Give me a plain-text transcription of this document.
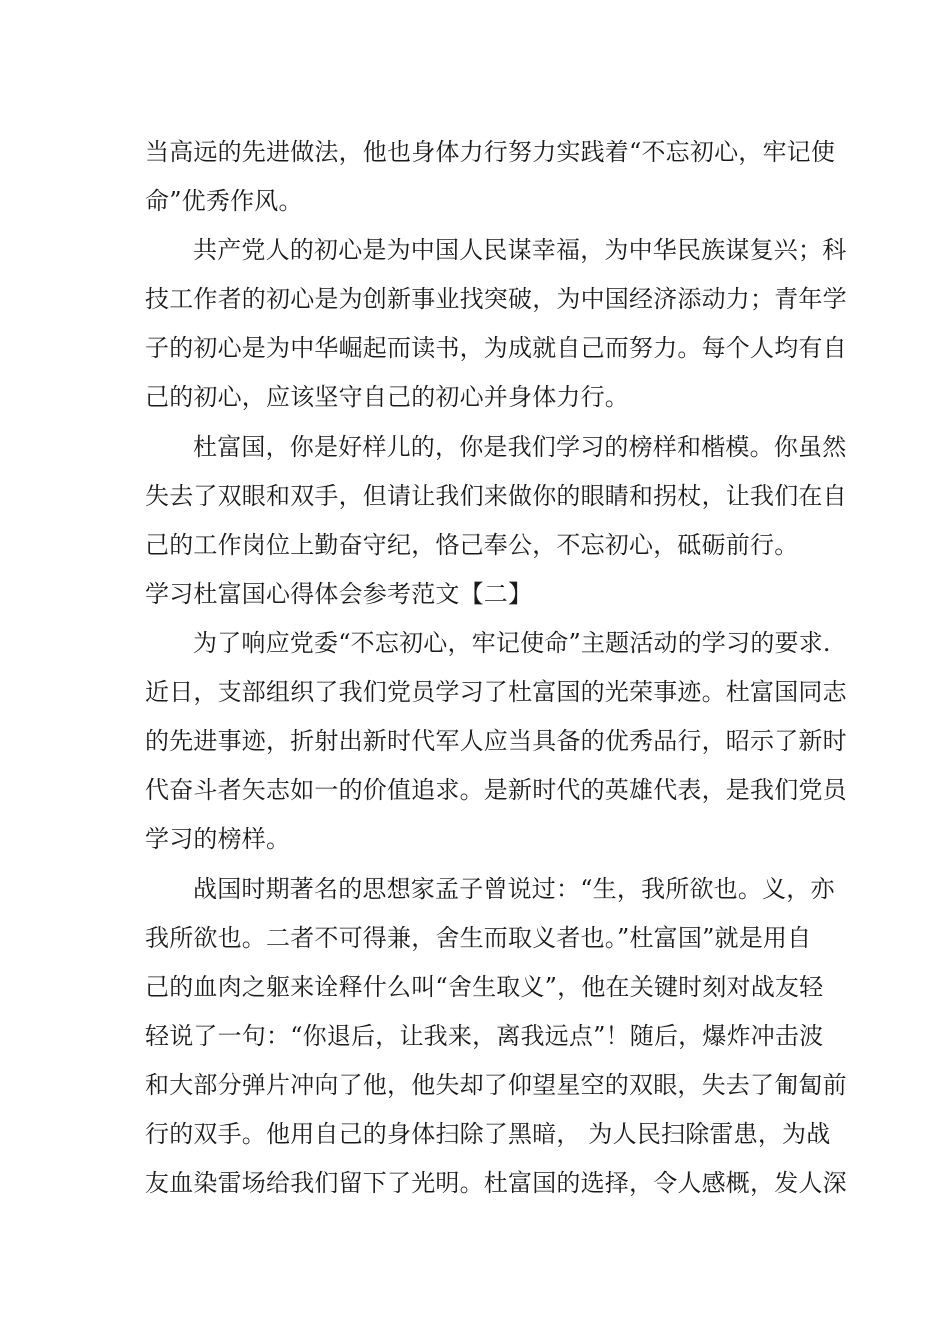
当高远的先进做法，他也身体力行努力实践着“不忘初心，牢记使
命”优秀作风。
共产党人的初心是为中国人民谋幸福，为中华民族谋复兴；科
技工作者的初心是为创新事业找突破，为中国经济添动力；青年学
子的初心是为中华崛起而读书，为成就自己而努力。每个人均有自
己的初心，应该坚守自己的初心并身体力行。
杜富国，你是好样儿的，你是我们学习的榜样和楷模。你虽然
失去了双眼和双手，但请让我们来做你的眼睛和拐杖，让我们在自
己的工作岗位上勤奋守纪，恪己奉公，不忘初心，砥砺前行。
学习杜富国心得体会参考范文【二】
为了响应党委“不忘初心，牢记使命”主题活动的学习的要求.
近日，支部组织了我们党员学习了杜富国的光荣事迹。杜富国同志
的先进事迹，折射出新时代军人应当具备的优秀品行，昭示了新时
代奋斗者矢志如一的价值追求。是新时代的英雄代表，是我们党员
学习的榜样。
战国时期著名的思想家孟子曾说过：“生，我所欲也。义，亦
我所欲也。二者不可得兼，舍生而取义者也。”杜富国”就是用自
己的血肉之躯来诠释什么叫“舍生取义”，他在关键时刻对战友轻
轻说了一句：“你退后，让我来，离我远点”！随后，爆炸冲击波
和大部分弹片冲向了他，他失却了仰望星空的双眼，失去了匍匐前
行的双手。他用自己的身体扫除了黑暗， 为人民扫除雷患，为战
友血染雷场给我们留下了光明。杜富国的选择，令人感概，发人深
